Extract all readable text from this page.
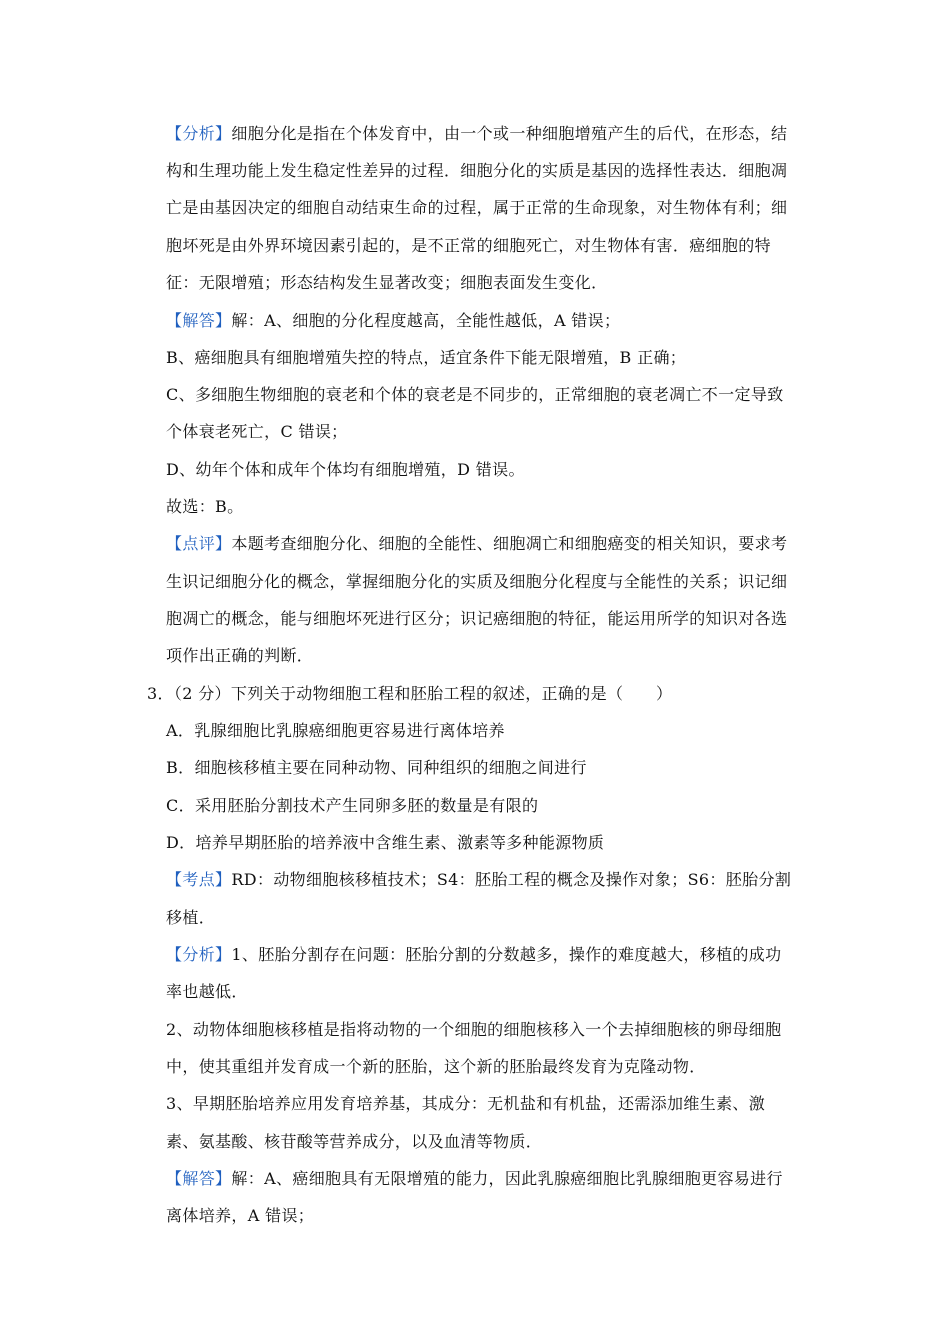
【分析】细胞分化是指在个体发育中，由一个或一种细胞增殖产生的后代，在形态，结
构和生理功能上发生稳定性差异的过程．细胞分化的实质是基因的选择性表达．细胞凋
亡是由基因决定的细胞自动结束生命的过程，属于正常的生命现象，对生物体有利；细
胞坏死是由外界环境因素引起的，是不正常的细胞死亡，对生物体有害．癌细胞的特
征：无限增殖；形态结构发生显著改变；细胞表面发生变化．
【解答】解：A、细胞的分化程度越高，全能性越低，A 错误；
B、癌细胞具有细胞增殖失控的特点，适宜条件下能无限增殖，B 正确；
C、多细胞生物细胞的衰老和个体的衰老是不同步的，正常细胞的衰老凋亡不一定导致
个体衰老死亡，C 错误；
D、幼年个体和成年个体均有细胞增殖，D 错误。
故选：B。
【点评】本题考查细胞分化、细胞的全能性、细胞凋亡和细胞癌变的相关知识，要求考
生识记细胞分化的概念，掌握细胞分化的实质及细胞分化程度与全能性的关系；识记细
胞凋亡的概念，能与细胞坏死进行区分；识记癌细胞的特征，能运用所学的知识对各选
项作出正确的判断．
3．（2 分）下列关于动物细胞工程和胚胎工程的叙述，正确的是（　　）
A．乳腺细胞比乳腺癌细胞更容易进行离体培养
B．细胞核移植主要在同种动物、同种组织的细胞之间进行
C．采用胚胎分割技术产生同卵多胚的数量是有限的
D．培养早期胚胎的培养液中含维生素、激素等多种能源物质
【考点】RD：动物细胞核移植技术；S4：胚胎工程的概念及操作对象；S6：胚胎分割
移植．
【分析】1、胚胎分割存在问题：胚胎分割的分数越多，操作的难度越大，移植的成功
率也越低．
2、动物体细胞核移植是指将动物的一个细胞的细胞核移入一个去掉细胞核的卵母细胞
中，使其重组并发育成一个新的胚胎，这个新的胚胎最终发育为克隆动物．
3、早期胚胎培养应用发育培养基，其成分：无机盐和有机盐，还需添加维生素、激
素、氨基酸、核苷酸等营养成分，以及血清等物质．
【解答】解：A、癌细胞具有无限增殖的能力，因此乳腺癌细胞比乳腺细胞更容易进行
离体培养，A 错误；
